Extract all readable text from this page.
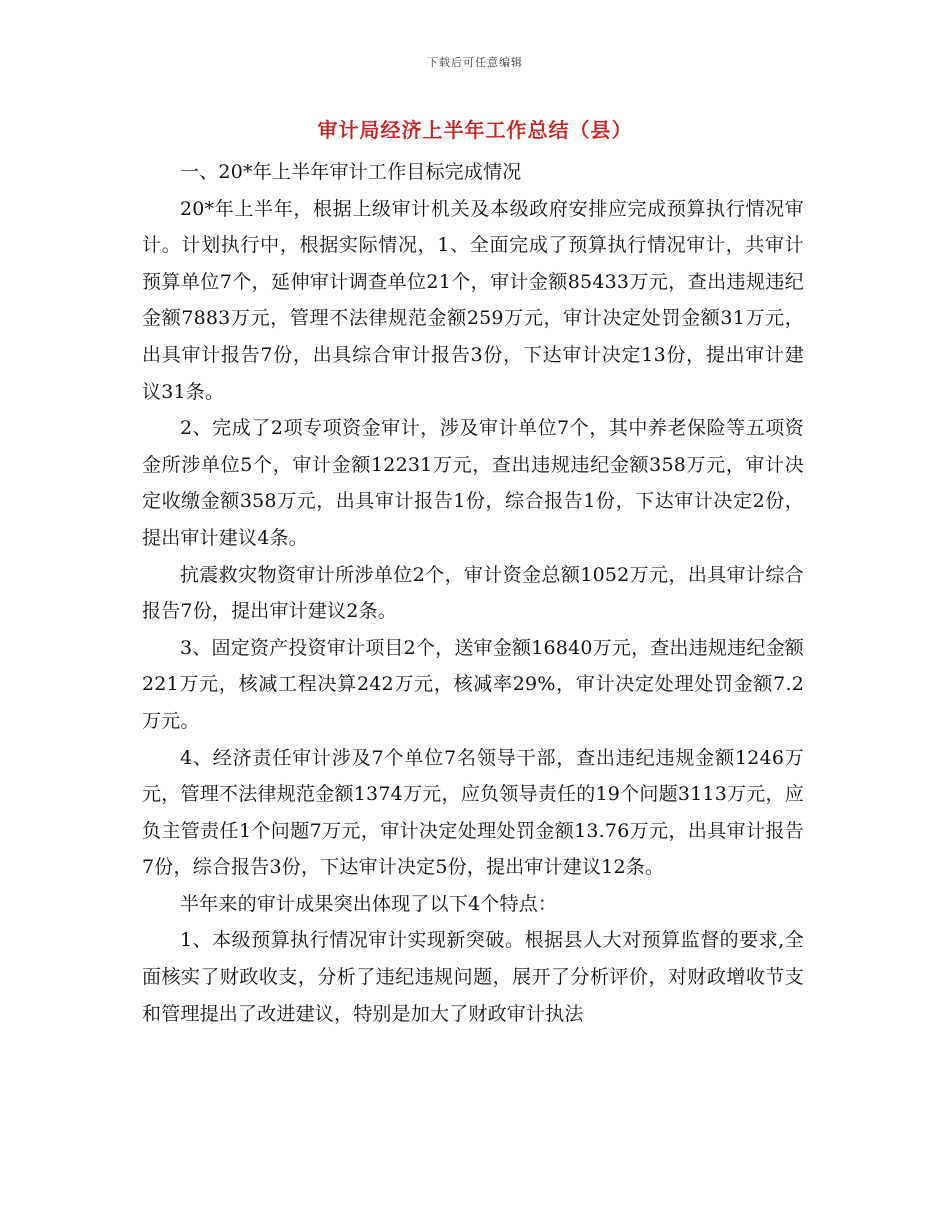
下载后可任意编辑
审计局经济上半年工作总结（县）

一、20*年上半年审计工作目标完成情况

20*年上半年，根据上级审计机关及本级政府安排应完成预算执行情况审计。计划执行中，根据实际情况，1、全面完成了预算执行情况审计，共审计预算单位7个，延伸审计调查单位21个，审计金额85433万元，查出违规违纪金额7883万元，管理不法律规范金额259万元，审计决定处罚金额31万元，出具审计报告7份，出具综合审计报告3份，下达审计决定13份，提出审计建议31条。

2、完成了2项专项资金审计，涉及审计单位7个，其中养老保险等五项资金所涉单位5个，审计金额12231万元，查出违规违纪金额358万元，审计决定收缴金额358万元，出具审计报告1份，综合报告1份，下达审计决定2份，提出审计建议4条。

抗震救灾物资审计所涉单位2个，审计资金总额1052万元，出具审计综合报告7份，提出审计建议2条。

3、固定资产投资审计项目2个，送审金额16840万元，查出违规违纪金额221万元，核减工程决算242万元，核减率29%，审计决定处理处罚金额7.2万元。

4、经济责任审计涉及7个单位7名领导干部，查出违纪违规金额1246万元，管理不法律规范金额1374万元，应负领导责任的19个问题3113万元，应负主管责任1个问题7万元，审计决定处理处罚金额13.76万元，出具审计报告7份，综合报告3份，下达审计决定5份，提出审计建议12条。

半年来的审计成果突出体现了以下4个特点：

1、本级预算执行情况审计实现新突破。根据县人大对预算监督的要求,全面核实了财政收支，分析了违纪违规问题，展开了分析评价，对财政增收节支和管理提出了改进建议，特别是加大了财政审计执法
